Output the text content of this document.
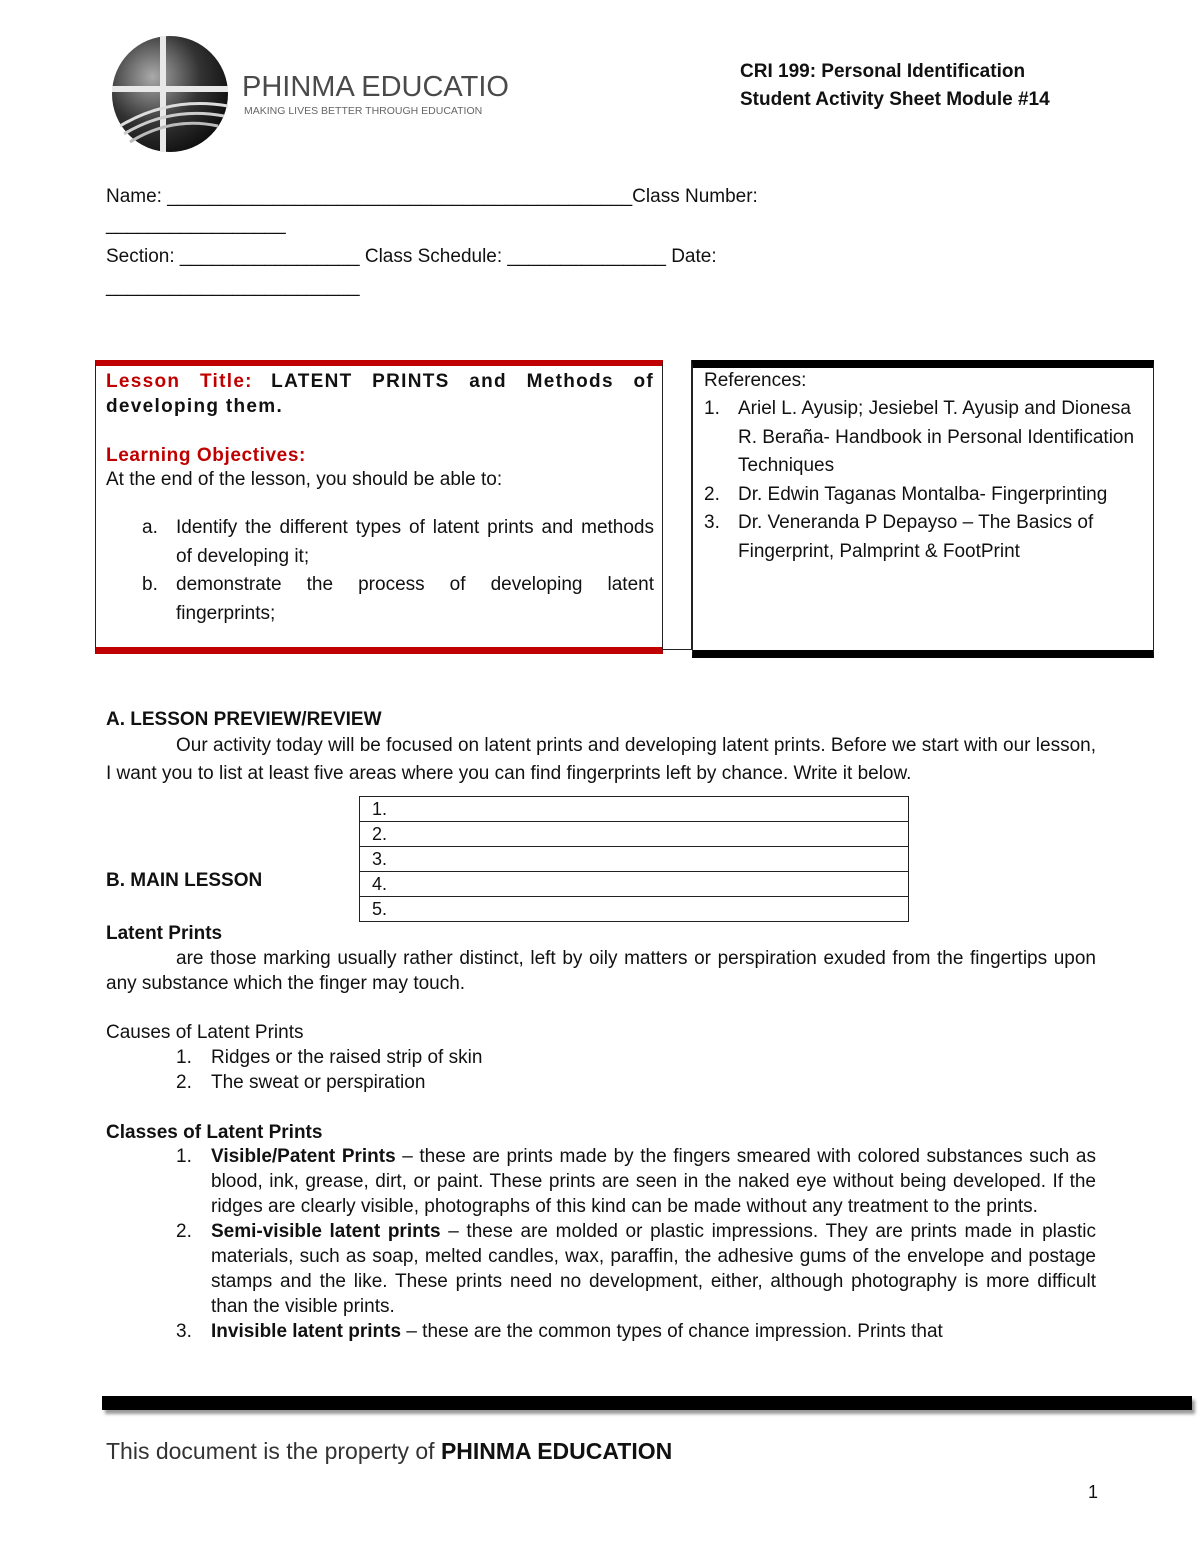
PHINMA EDUCATION
MAKING LIVES BETTER THROUGH EDUCATION
CRI 199: Personal Identification
Student Activity Sheet Module #14
Name: ____________________________________________Class Number:
_________________
Section: _________________ Class Schedule: _______________ Date:
________________________
Lesson Title: LATENT PRINTS and Methods of developing them.
Learning Objectives:
At the end of the lesson, you should be able to:
a. Identify the different types of latent prints and methods of developing it;
b. demonstrate the process of developing latent fingerprints;
References:
1. Ariel L. Ayusip; Jesiebel T. Ayusip and Dionesa R. Beraña- Handbook in Personal Identification Techniques
2. Dr. Edwin Taganas Montalba- Fingerprinting
3. Dr. Veneranda P Depayso – The Basics of Fingerprint, Palmprint & FootPrint
A. LESSON PREVIEW/REVIEW
Our activity today will be focused on latent prints and developing latent prints. Before we start with our lesson, I want you to list at least five areas where you can find fingerprints left by chance. Write it below.
1.
2.
3.
4.
5.
B. MAIN LESSON
Latent Prints
are those marking usually rather distinct, left by oily matters or perspiration exuded from the fingertips upon any substance which the finger may touch.
Causes of Latent Prints
1. Ridges or the raised strip of skin
2. The sweat or perspiration
Classes of Latent Prints
1. Visible/Patent Prints – these are prints made by the fingers smeared with colored substances such as blood, ink, grease, dirt, or paint. These prints are seen in the naked eye without being developed. If the ridges are clearly visible, photographs of this kind can be made without any treatment to the prints.
2. Semi-visible latent prints – these are molded or plastic impressions. They are prints made in plastic materials, such as soap, melted candles, wax, paraffin, the adhesive gums of the envelope and postage stamps and the like. These prints need no development, either, although photography is more difficult than the visible prints.
3. Invisible latent prints – these are the common types of chance impression. Prints that
This document is the property of PHINMA EDUCATION
1
